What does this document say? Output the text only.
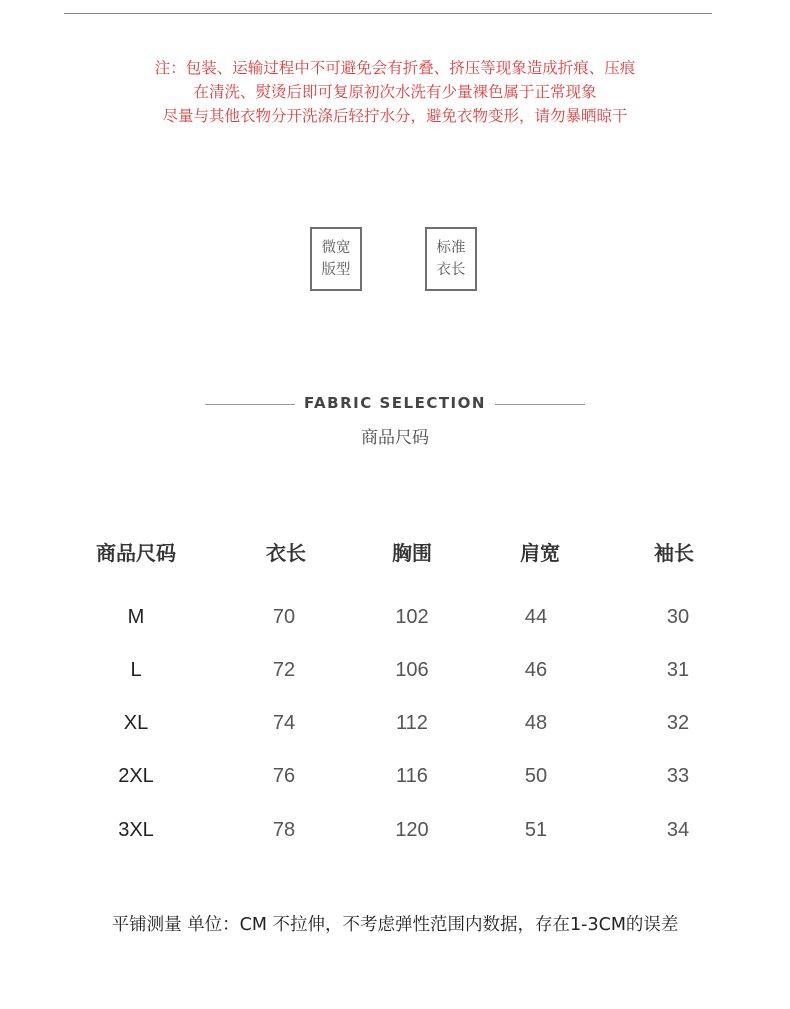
注：包装、运输过程中不可避免会有折叠、挤压等现象造成折痕、压痕
在清洗、熨烫后即可复原初次水洗有少量裸色属于正常现象
尽量与其他衣物分开洗涤后轻拧水分，避免衣物变形，请勿暴晒晾干
微宽
版型
标准
衣长
FABRIC SELECTION
商品尺码
商品尺码	衣长	胸围	肩宽	袖长
M	70	102	44	30
L	72	106	46	31
XL	74	112	48	32
2XL	76	116	50	33
3XL	78	120	51	34
平铺测量 单位：CM 不拉伸，不考虑弹性范围内数据，存在1-3CM的误差
